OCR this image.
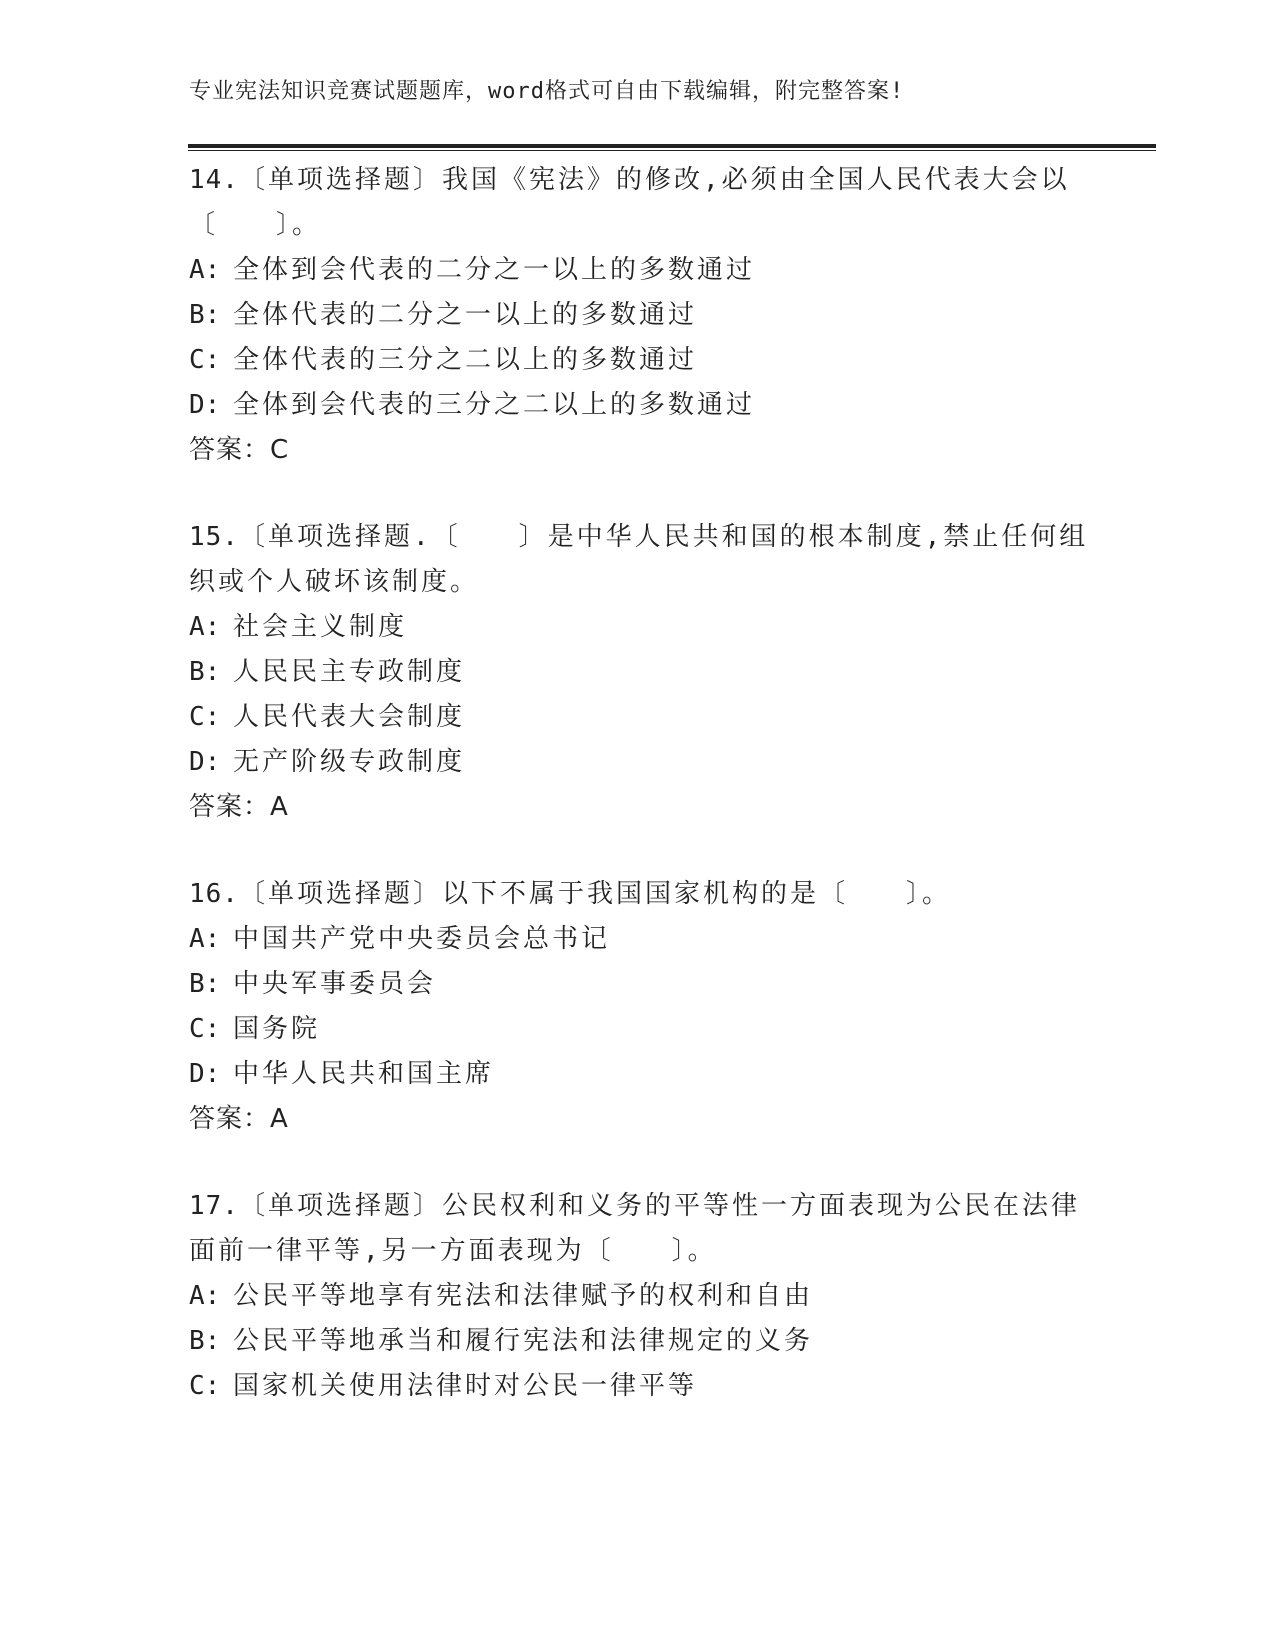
专业宪法知识竞赛试题题库，word格式可自由下载编辑，附完整答案!

14.〔单项选择题〕我国《宪法》的修改,必须由全国人民代表大会以〔　　〕。

A: 全体到会代表的二分之一以上的多数通过
B: 全体代表的二分之一以上的多数通过
C: 全体代表的三分之二以上的多数通过
D: 全体到会代表的三分之二以上的多数通过
答案：C

15.〔单项选择题.〔　　〕是中华人民共和国的根本制度,禁止任何组织或个人破坏该制度。

A: 社会主义制度
B: 人民民主专政制度
C: 人民代表大会制度
D: 无产阶级专政制度
答案：A

16.〔单项选择题〕以下不属于我国国家机构的是〔　　〕。

A: 中国共产党中央委员会总书记
B: 中央军事委员会
C: 国务院
D: 中华人民共和国主席
答案：A

17.〔单项选择题〕公民权利和义务的平等性一方面表现为公民在法律面前一律平等,另一方面表现为〔　　〕。

A: 公民平等地享有宪法和法律赋予的权利和自由
B: 公民平等地承当和履行宪法和法律规定的义务
C: 国家机关使用法律时对公民一律平等
